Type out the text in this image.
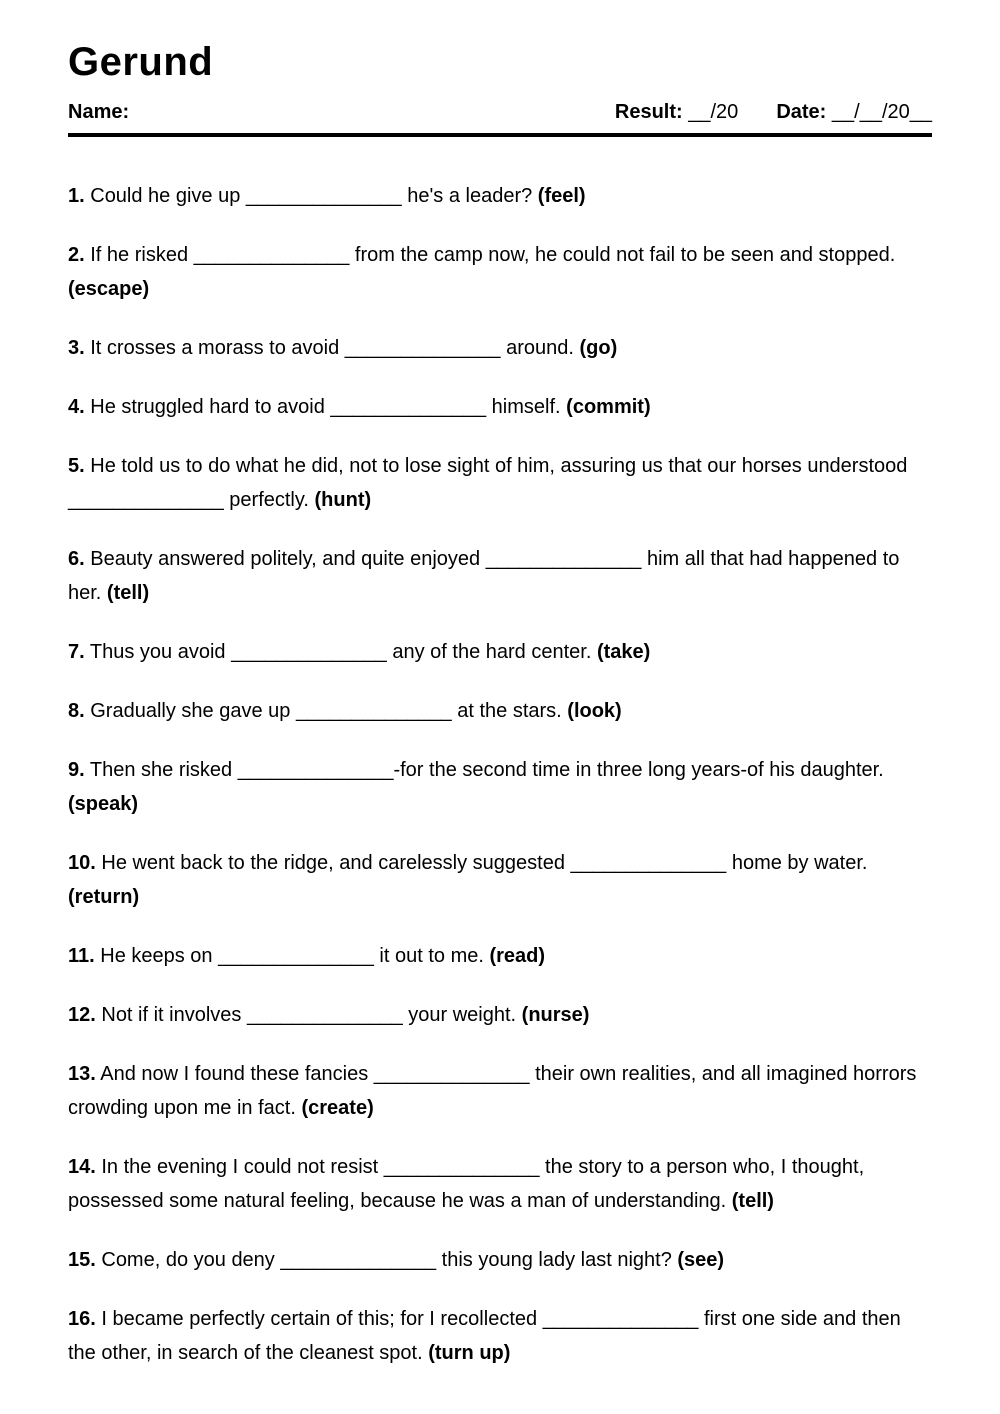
Gerund
Name:	Result: __/20 Date: __/__/20__

1. Could he give up ______________ he's a leader? (feel)

2. If he risked ______________ from the camp now, he could not fail to be seen and stopped. (escape)

3. It crosses a morass to avoid ______________ around. (go)

4. He struggled hard to avoid ______________ himself. (commit)

5. He told us to do what he did, not to lose sight of him, assuring us that our horses understood ______________ perfectly. (hunt)

6. Beauty answered politely, and quite enjoyed ______________ him all that had happened to her. (tell)

7. Thus you avoid ______________ any of the hard center. (take)

8. Gradually she gave up ______________ at the stars. (look)

9. Then she risked ______________-for the second time in three long years-of his daughter. (speak)

10. He went back to the ridge, and carelessly suggested ______________ home by water. (return)

11. He keeps on ______________ it out to me. (read)

12. Not if it involves ______________ your weight. (nurse)

13. And now I found these fancies ______________ their own realities, and all imagined horrors crowding upon me in fact. (create)

14. In the evening I could not resist ______________ the story to a person who, I thought, possessed some natural feeling, because he was a man of understanding. (tell)

15. Come, do you deny ______________ this young lady last night? (see)

16. I became perfectly certain of this; for I recollected ______________ first one side and then the other, in search of the cleanest spot. (turn up)
